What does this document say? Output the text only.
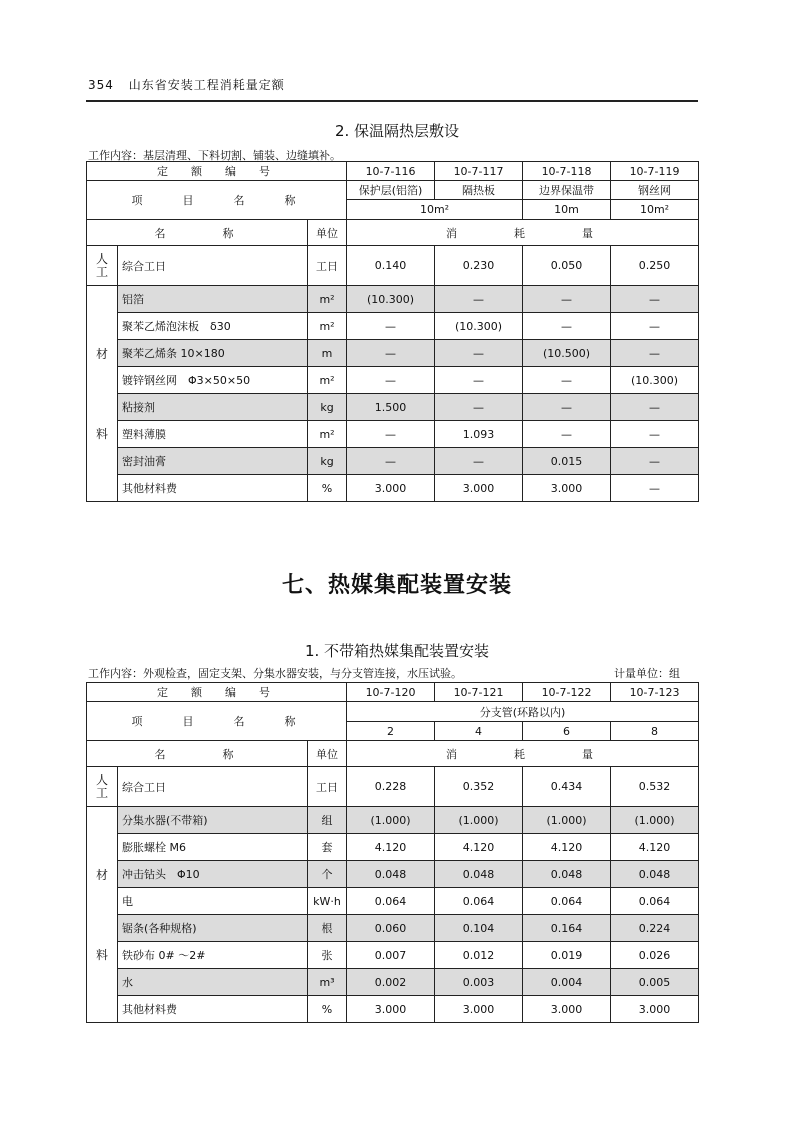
354 山东省安装工程消耗量定额
2. 保温隔热层敷设
工作内容：基层清理、下料切割、铺装、边缝填补。
定　额　编　号			10-7-116	10-7-117	10-7-118	10-7-119
项　　目　　名　　称			保护层(铝箔)	隔热板	边界保温带	钢丝网
			10m²		10m	10m²
名　　　称		单位	消　　　耗　　　量			
人工	综合工日	工日	0.140	0.230	0.050	0.250

材
料	铝箔	m²	(10.300)	—	—	—
	聚苯乙烯泡沫板　δ30	m²	—	(10.300)	—	—
	聚苯乙烯条 10×180	m	—	—	(10.500)	—
	镀锌钢丝网　Φ3×50×50	m²	—	—	—	(10.300)
	粘接剂	kg	1.500	—	—	—
	塑料薄膜	m²	—	1.093	—	—
	密封油膏	kg	—	—	0.015	—
	其他材料费	%	3.000	3.000	3.000	—
七、热媒集配装置安装
1. 不带箱热媒集配装置安装
工作内容：外观检查，固定支架、分集水器安装，与分支管连接，水压试验。	计量单位：组
定　额　编　号			10-7-120	10-7-121	10-7-122	10-7-123
项　　目　　名　　称			分支管(环路以内)			
			2	4	6	8
名　　　称		单位	消　　　耗　　　量			
人工	综合工日	工日	0.228	0.352	0.434	0.532

材
料	分集水器(不带箱)	组	(1.000)	(1.000)	(1.000)	(1.000)
	膨胀螺栓 M6	套	4.120	4.120	4.120	4.120
	冲击钻头　Φ10	个	0.048	0.048	0.048	0.048
	电	kW·h	0.064	0.064	0.064	0.064
	锯条(各种规格)	根	0.060	0.104	0.164	0.224
	铁砂布 0# ～2#	张	0.007	0.012	0.019	0.026
	水	m³	0.002	0.003	0.004	0.005
	其他材料费	%	3.000	3.000	3.000	3.000
